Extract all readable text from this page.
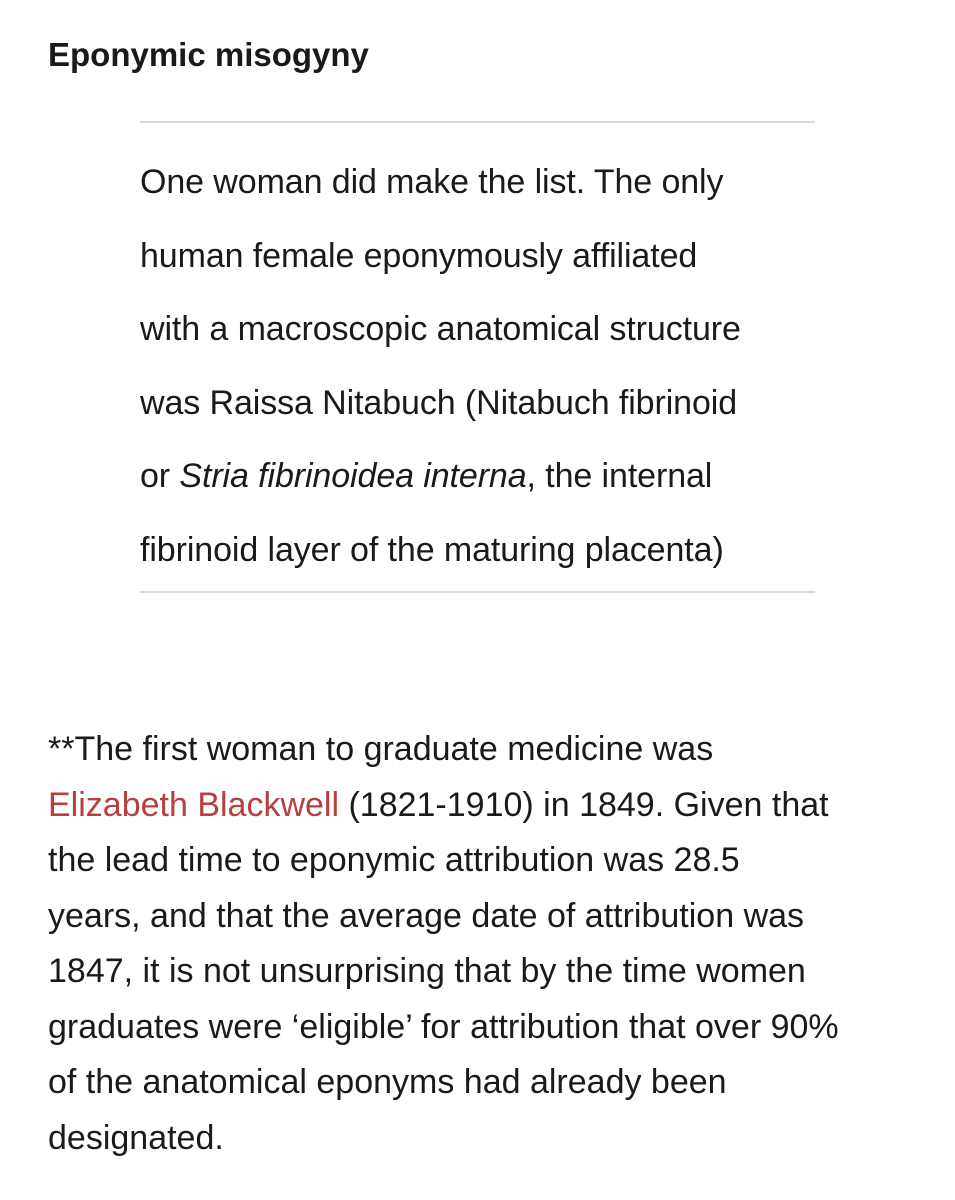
Eponymic misogyny

One woman did make the list. The only
human female eponymously affiliated
with a macroscopic anatomical structure
was Raissa Nitabuch (Nitabuch fibrinoid
or Stria fibrinoidea interna, the internal
fibrinoid layer of the maturing placenta)

**The first woman to graduate medicine was
Elizabeth Blackwell (1821-1910) in 1849. Given that
the lead time to eponymic attribution was 28.5
years, and that the average date of attribution was
1847, it is not unsurprising that by the time women
graduates were ‘eligible’ for attribution that over 90%
of the anatomical eponyms had already been
designated.
